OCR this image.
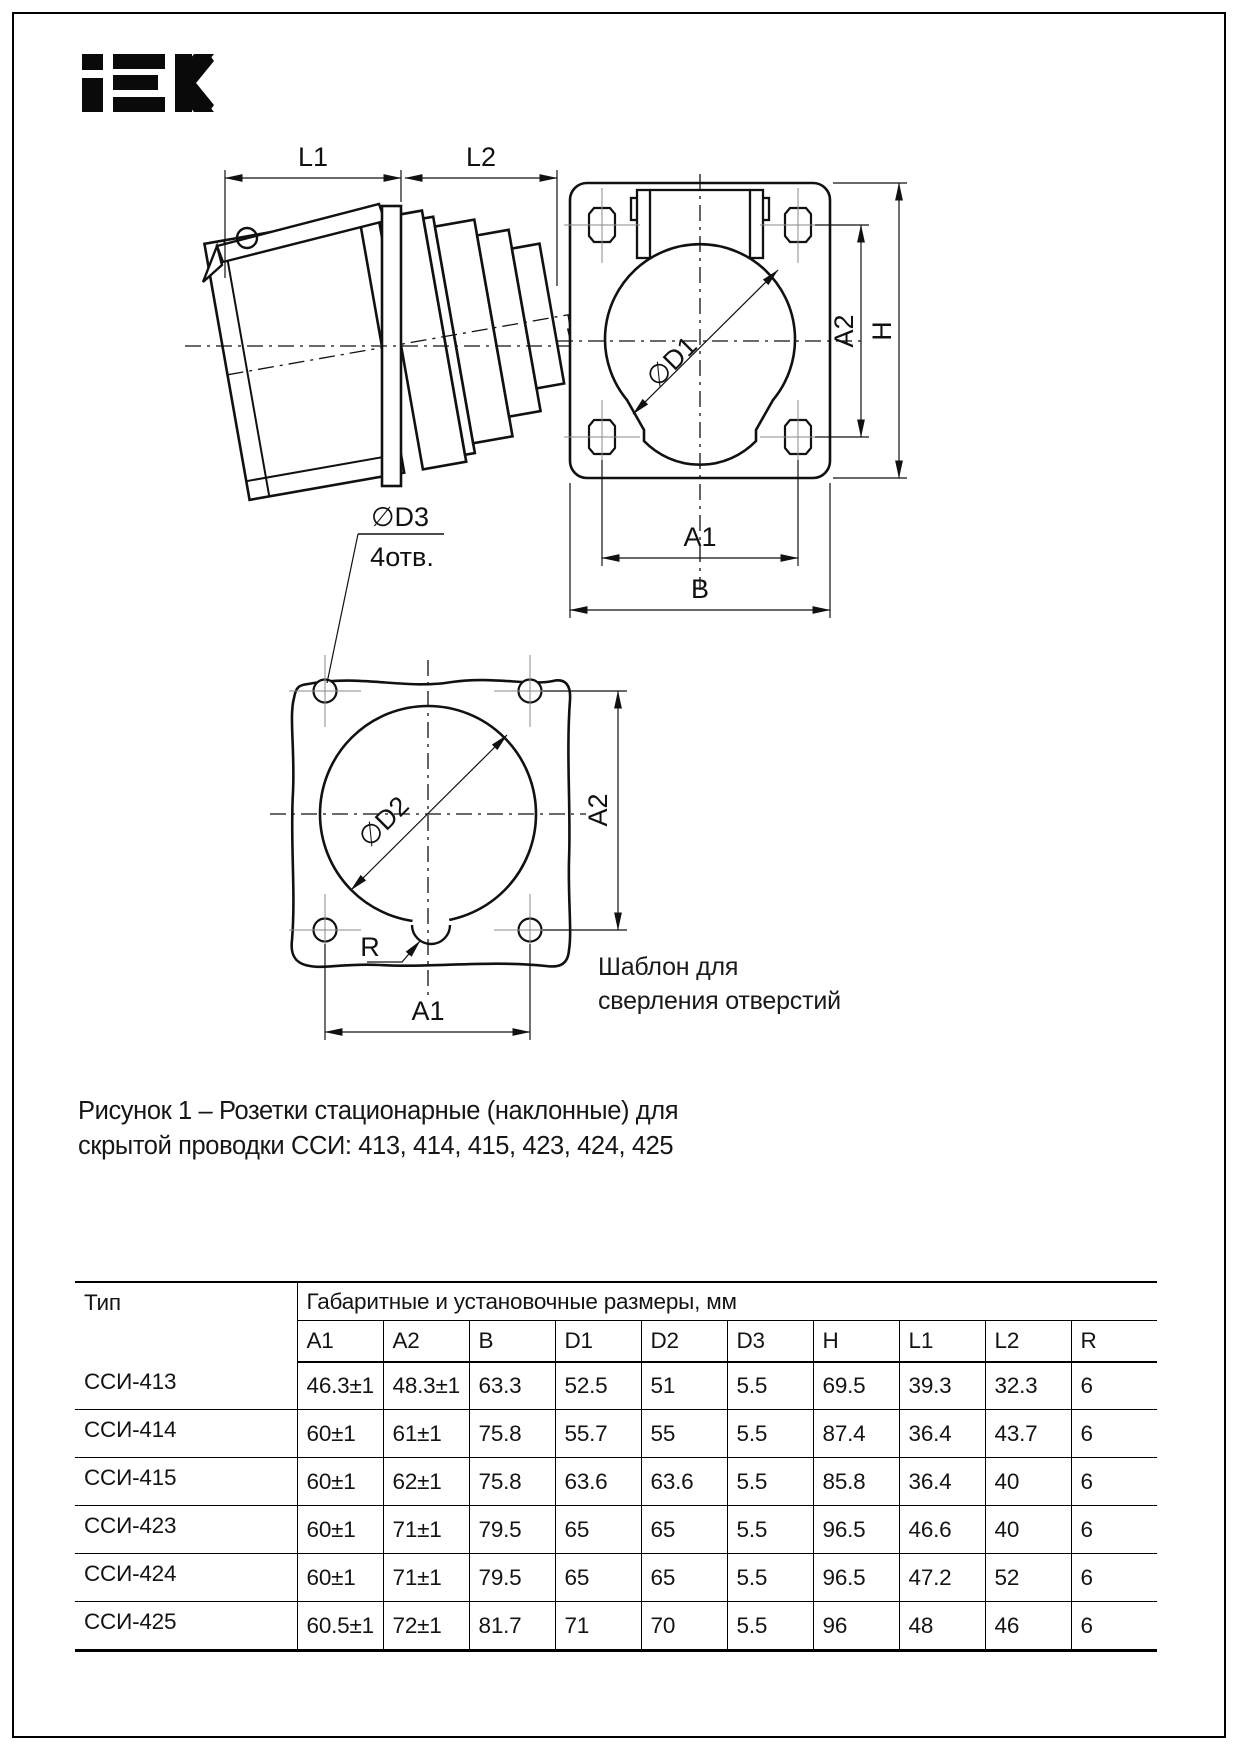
L1	L2
∅D1	A2 H
A1
B
∅D3
4отв.
∅D2	A2
A1
R
Шаблон для
сверления отверстий
Рисунок 1 – Розетки стационарные (наклонные) для
скрытой проводки ССИ: 413, 414, 415, 423, 424, 425
Тип	Габаритные и установочные размеры, мм									
	A1	A2	B	D1	D2	D3	H	L1	L2	R
ССИ-413	46.3±1	48.3±1	63.3	52.5	51	5.5	69.5	39.3	32.3	6
ССИ-414	60±1	61±1	75.8	55.7	55	5.5	87.4	36.4	43.7	6
ССИ-415	60±1	62±1	75.8	63.6	63.6	5.5	85.8	36.4	40	6
ССИ-423	60±1	71±1	79.5	65	65	5.5	96.5	46.6	40	6
ССИ-424	60±1	71±1	79.5	65	65	5.5	96.5	47.2	52	6
ССИ-425	60.5±1	72±1	81.7	71	70	5.5	96	48	46	6
